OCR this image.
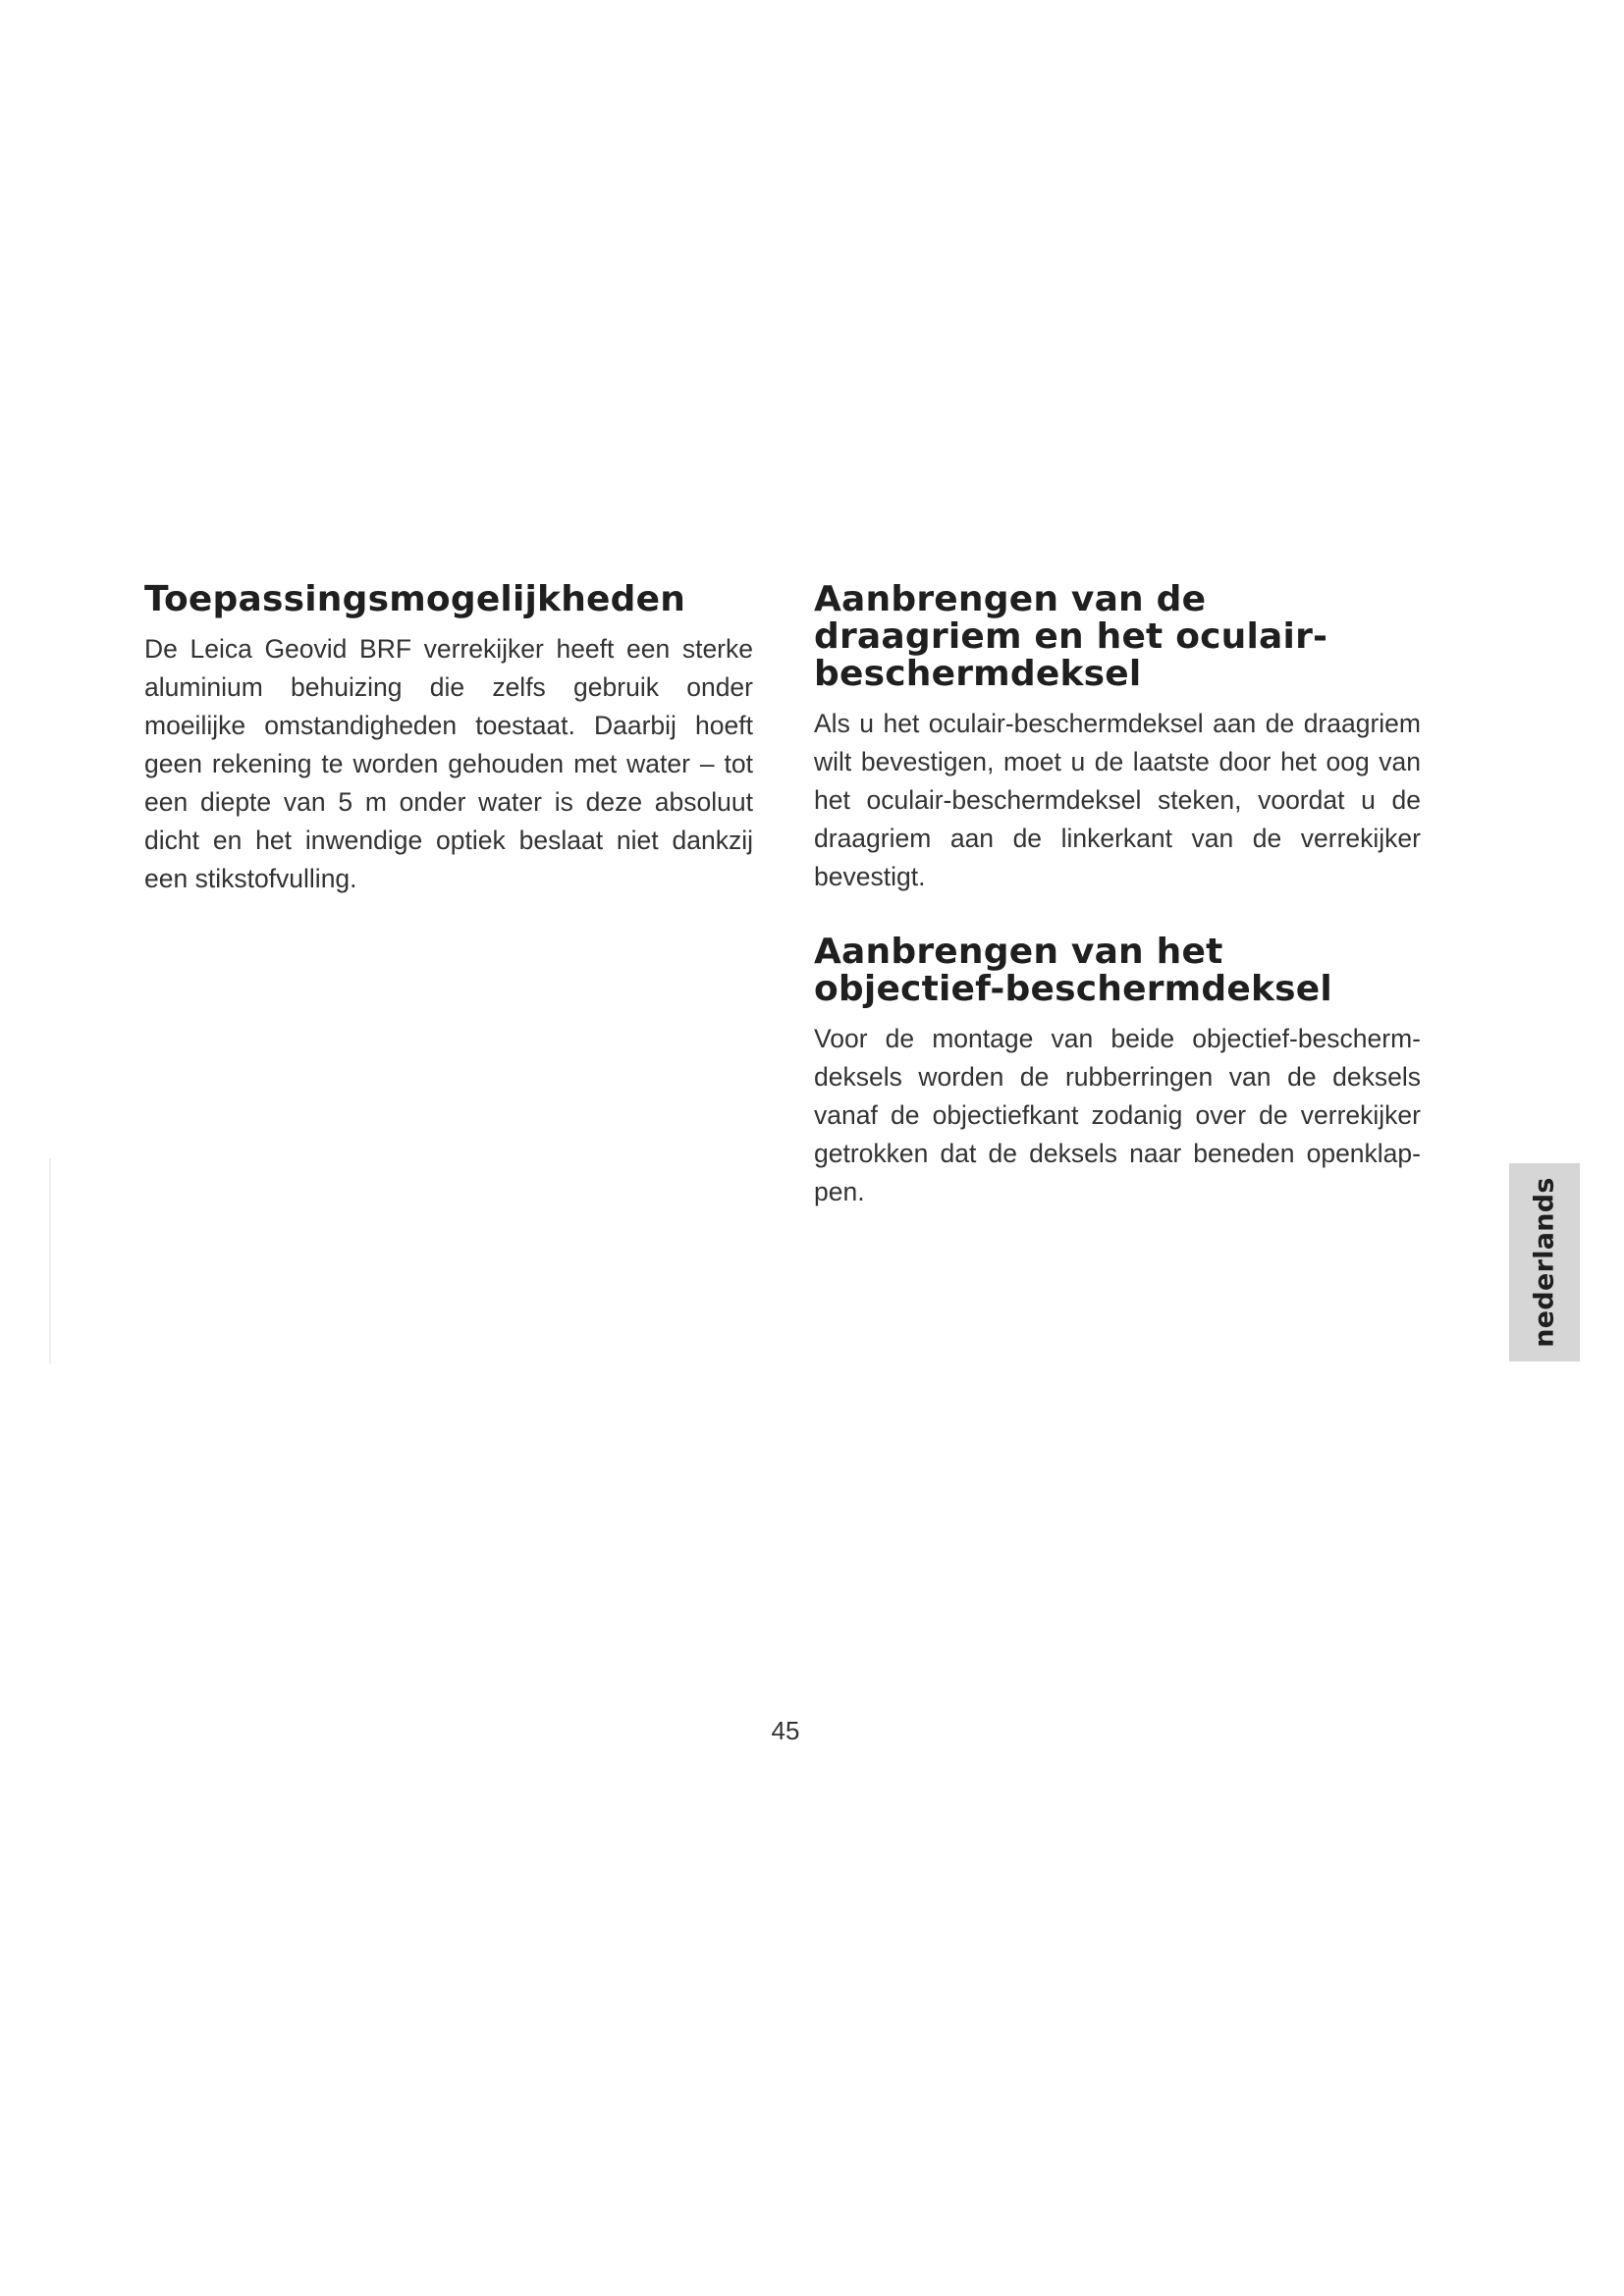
Toepassingsmogelijkheden

De Leica Geovid BRF verrekijker heeft een sterke aluminium behuizing die zelfs gebruik onder moeilijke omstandigheden toestaat. Daarbij hoeft geen rekening te worden gehouden met water – tot een diepte van 5 m onder water is deze absoluut dicht en het inwendige optiek beslaat niet dankzij een stikstofvulling.

Aanbrengen van de draagriem en het oculair-beschermdeksel

Als u het oculair-beschermdeksel aan de draagriem wilt bevestigen, moet u de laatste door het oog van het oculair-beschermdeksel steken, voordat u de draagriem aan de linkerkant van de verrekijker bevestigt.

Aanbrengen van het objectief-beschermdeksel

Voor de montage van beide objectief-beschermdeksels worden de rubberringen van de deksels vanaf de objectiefkant zodanig over de verrekijker getrokken dat de deksels naar beneden openklappen.	nederlands
45
